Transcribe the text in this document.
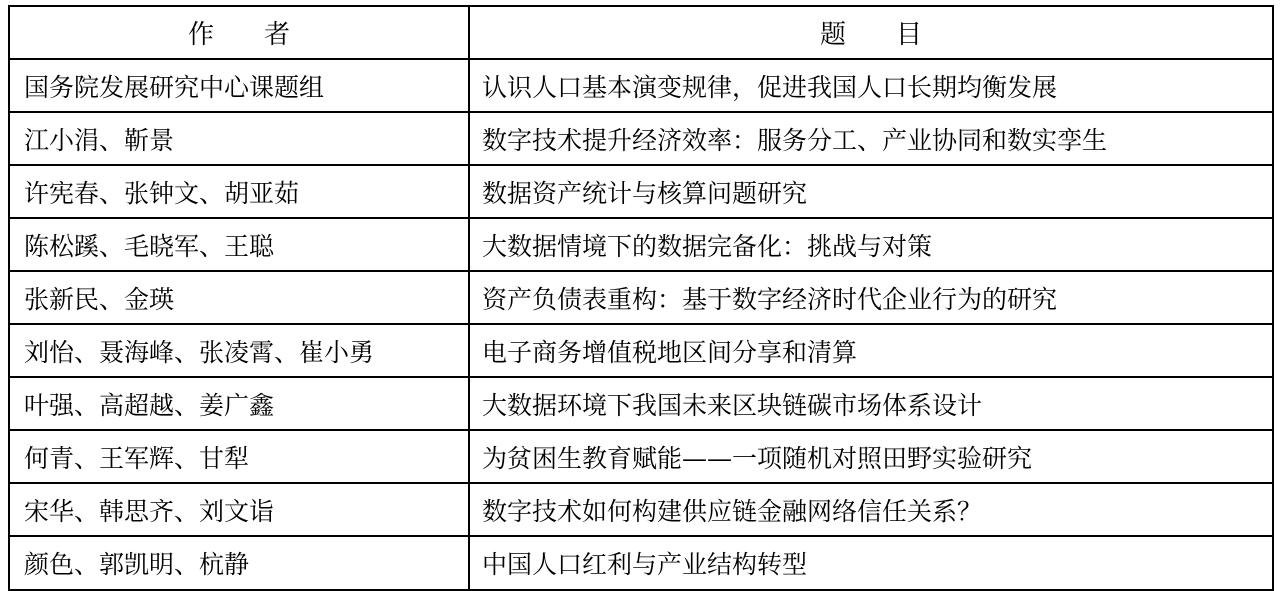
作　者	题　目
国务院发展研究中心课题组	认识人口基本演变规律，促进我国人口长期均衡发展
江小涓、靳景	数字技术提升经济效率：服务分工、产业协同和数实孪生
许宪春、张钟文、胡亚茹	数据资产统计与核算问题研究
陈松蹊、毛晓军、王聪	大数据情境下的数据完备化：挑战与对策
张新民、金瑛	资产负债表重构：基于数字经济时代企业行为的研究
刘怡、聂海峰、张凌霄、崔小勇	电子商务增值税地区间分享和清算
叶强、高超越、姜广鑫	大数据环境下我国未来区块链碳市场体系设计
何青、王军辉、甘犁	为贫困生教育赋能——一项随机对照田野实验研究
宋华、韩思齐、刘文诣	数字技术如何构建供应链金融网络信任关系？
颜色、郭凯明、杭静	中国人口红利与产业结构转型
